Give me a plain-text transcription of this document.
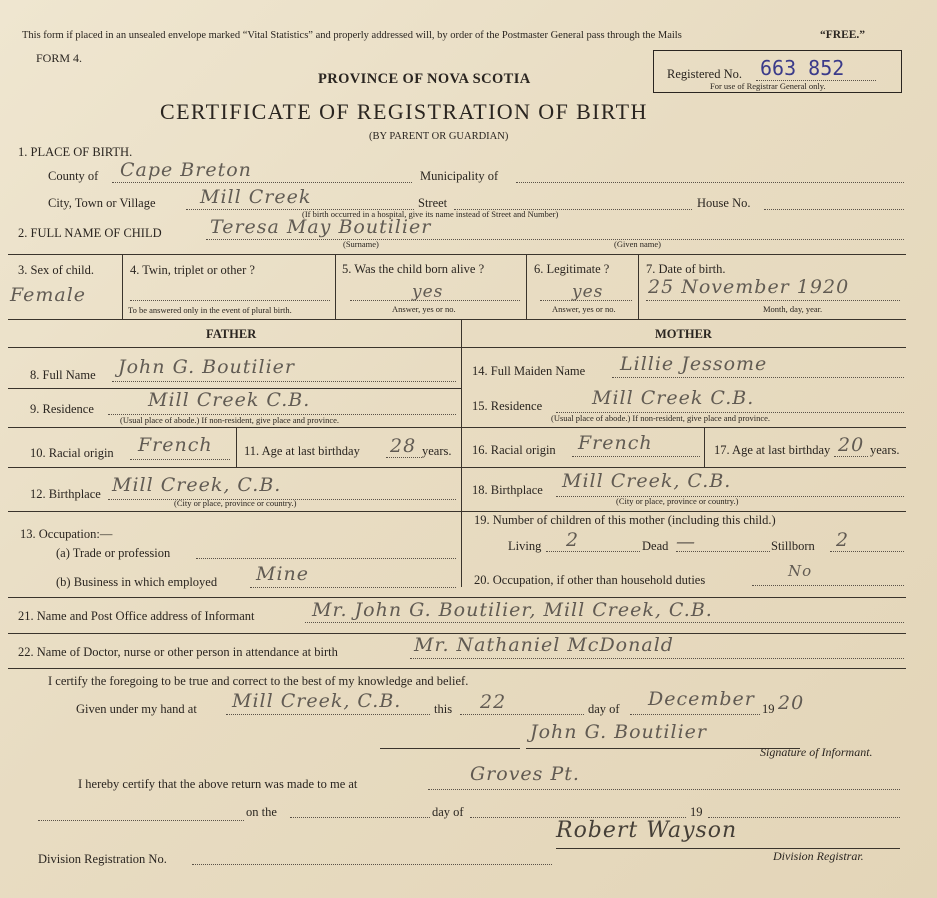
This form if placed in an unsealed envelope marked “Vital Statistics” and properly addressed will, by order of the Postmaster General pass through the Mails	“FREE.”
FORM 4.
PROVINCE OF NOVA SCOTIA	Registered No. 663 852
For use of Registrar General only.
CERTIFICATE OF REGISTRATION OF BIRTH
(BY PARENT OR GUARDIAN)
1. PLACE OF BIRTH.
County of Cape Breton	Municipality of
City, Town or Village Mill Creek	Street	House No.
(If birth occurred in a hospital, give its name instead of Street and Number)
2. FULL NAME OF CHILD	Teresa May Boutilier
(Surname)	(Given name)
3. Sex of child.
Female
4. Twin, triplet or other ?
To be answered only in the event of plural birth.
5. Was the child born alive ?
yes
Answer, yes or no.
6. Legitimate ?
yes
Answer, yes or no.
7. Date of birth.
25 November 1920
Month, day, year.
FATHER	MOTHER
8. Full Name John G. Boutilier
9. Residence	Mill Creek C.B.
(Usual place of abode.) If non-resident, give place and province.
10. Racial origin French	11. Age at last birthday 28 years.
12. Birthplace Mill Creek, C.B.
(City or place, province or country.)
13. Occupation:—
(a) Trade or profession
(b) Business in which employed Mine
14. Full Maiden Name Lillie Jessome
15. Residence	Mill Creek C.B.
(Usual place of abode.) If non-resident, give place and province.
16. Racial origin French	17. Age at last birthday 20 years.
18. Birthplace Mill Creek, C.B.
(City or place, province or country.)
19. Number of children of this mother (including this child.)
Living 2	Dead —	Stillborn 2
20. Occupation, if other than household duties	No
21. Name and Post Office address of Informant	Mr. John G. Boutilier, Mill Creek, C.B.
22. Name of Doctor, nurse or other person in attendance at birth	Mr. Nathaniel McDonald
I certify the foregoing to be true and correct to the best of my knowledge and belief.
Given under my hand at Mill Creek, C.B.	this 22	day of December 19 20
John G. Boutilier
Signature of Informant.
I hereby certify that the above return was made to me at	Groves Pt.
on the	day of	19
Division Registration No.
Robert Wayson
Division Registrar.
